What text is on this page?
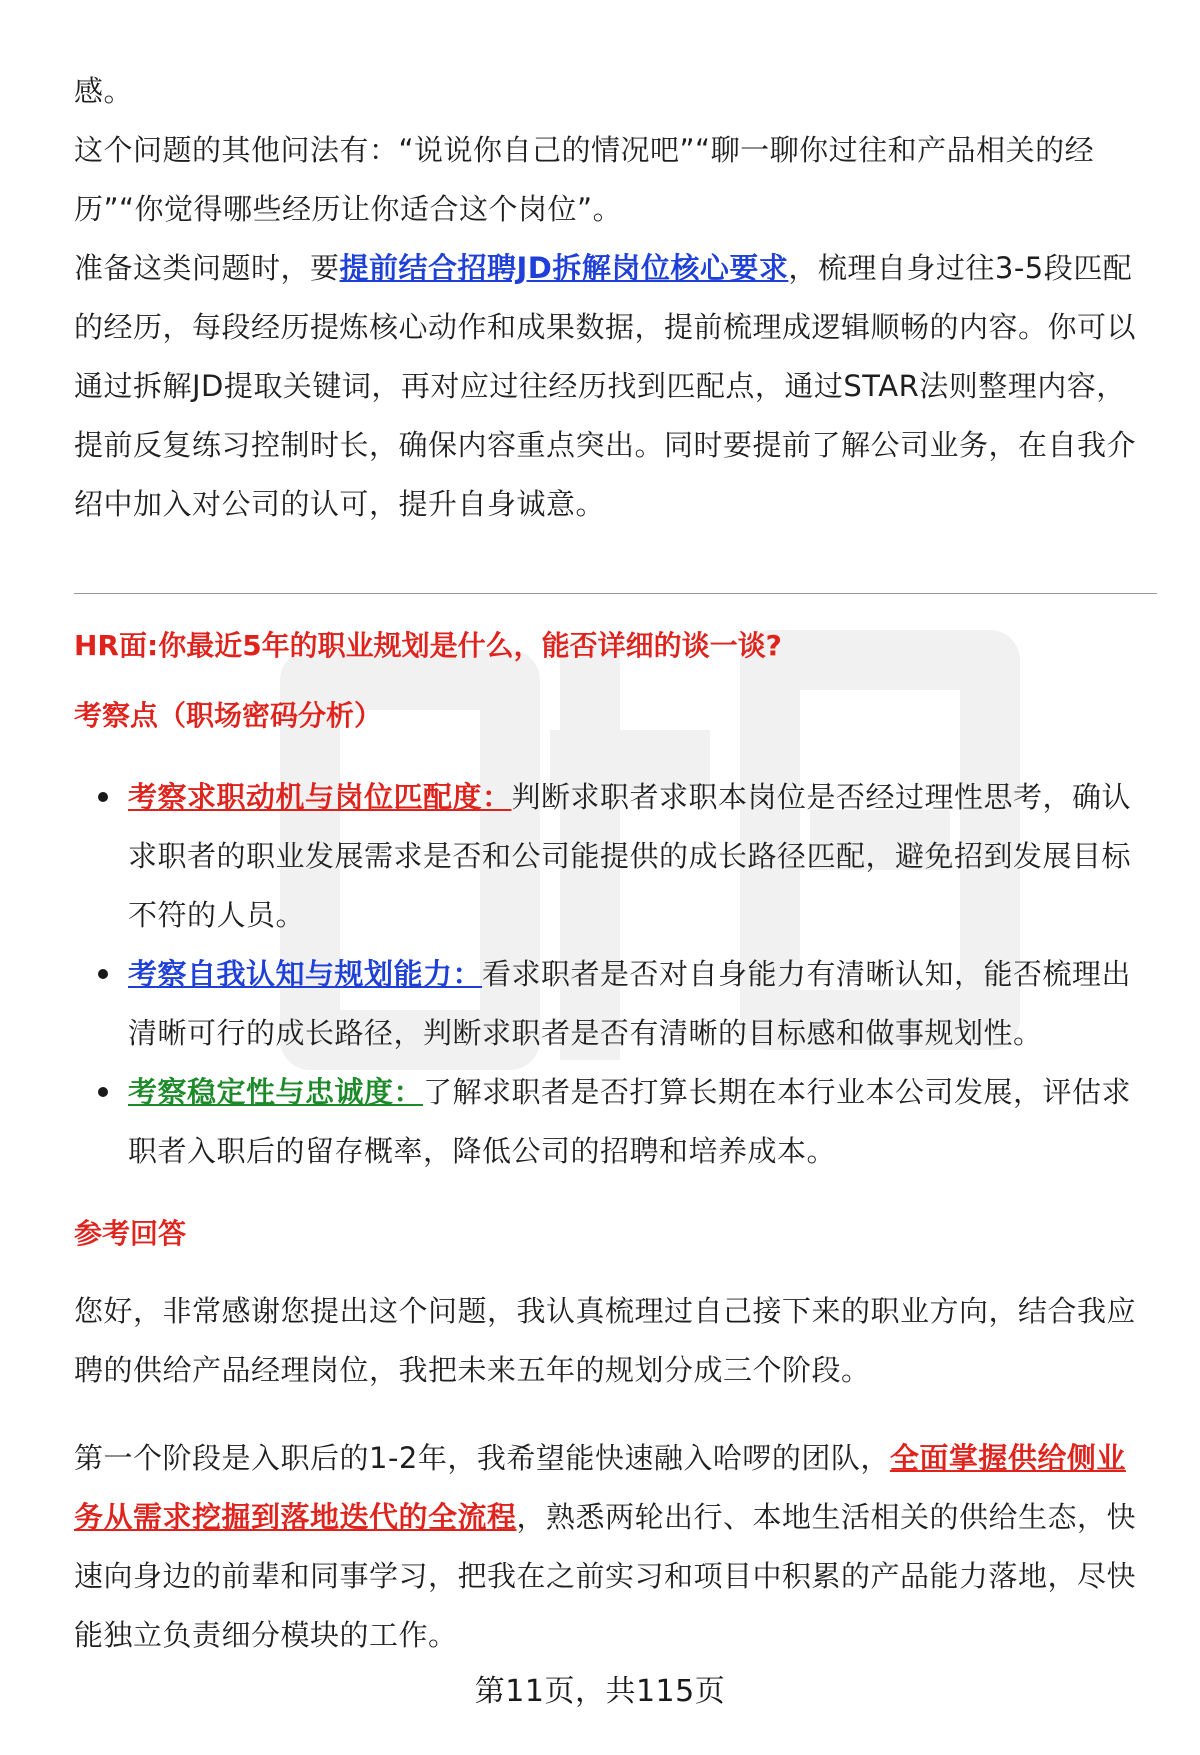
感。

这个问题的其他问法有：“说说你自己的情况吧”“聊一聊你过往和产品相关的经历”“你觉得哪些经历让你适合这个岗位”。

准备这类问题时，要提前结合招聘JD拆解岗位核心要求，梳理自身过往3-5段匹配的经历，每段经历提炼核心动作和成果数据，提前梳理成逻辑顺畅的内容。你可以通过拆解JD提取关键词，再对应过往经历找到匹配点，通过STAR法则整理内容，提前反复练习控制时长，确保内容重点突出。同时要提前了解公司业务，在自我介绍中加入对公司的认可，提升自身诚意。

HR面:你最近5年的职业规划是什么，能否详细的谈一谈?

考察点（职场密码分析）

考察求职动机与岗位匹配度：判断求职者求职本岗位是否经过理性思考，确认求职者的职业发展需求是否和公司能提供的成长路径匹配，避免招到发展目标不符的人员。

考察自我认知与规划能力：看求职者是否对自身能力有清晰认知，能否梳理出清晰可行的成长路径，判断求职者是否有清晰的目标感和做事规划性。

考察稳定性与忠诚度：了解求职者是否打算长期在本行业本公司发展，评估求职者入职后的留存概率，降低公司的招聘和培养成本。

参考回答

您好，非常感谢您提出这个问题，我认真梳理过自己接下来的职业方向，结合我应聘的供给产品经理岗位，我把未来五年的规划分成三个阶段。

第一个阶段是入职后的1-2年，我希望能快速融入哈啰的团队，全面掌握供给侧业务从需求挖掘到落地迭代的全流程，熟悉两轮出行、本地生活相关的供给生态，快速向身边的前辈和同事学习，把我在之前实习和项目中积累的产品能力落地，尽快能独立负责细分模块的工作。

第11页，共115页
